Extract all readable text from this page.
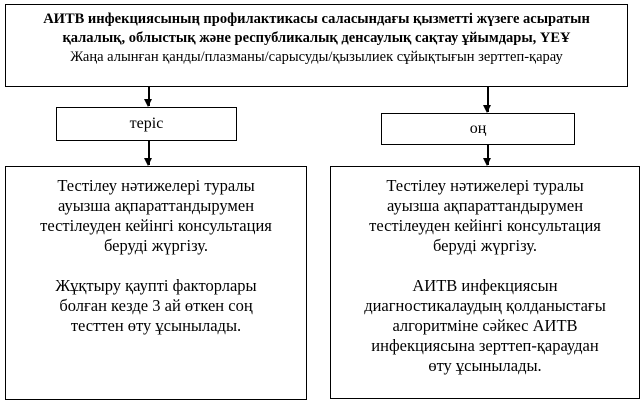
АИТВ инфекциясының профилактикасы саласындағы қызметті жүзеге асыратын
қалалық, облыстық және республикалық денсаулық сақтау ұйымдары, ҮЕҰ
Жаңа алынған қанды/плазманы/сарысуды/қызылиек сұйықтығын зерттеп-қарау
теріс	оң
Тестілеу нәтижелері туралы
ауызша ақпараттандырумен
тестілеуден кейінгі консультация
беруді жүргізу.
Жұқтыру қаупті факторлары
болған кезде 3 ай өткен соң
тесттен өту ұсынылады.
Тестілеу нәтижелері туралы
ауызша ақпараттандырумен
тестілеуден кейінгі консультация
беруді жүргізу.
АИТВ инфекциясын
диагностикалаудың қолданыстағы
алгоритміне сәйкес АИТВ
инфекциясына зерттеп-қараудан
өту ұсынылады.
